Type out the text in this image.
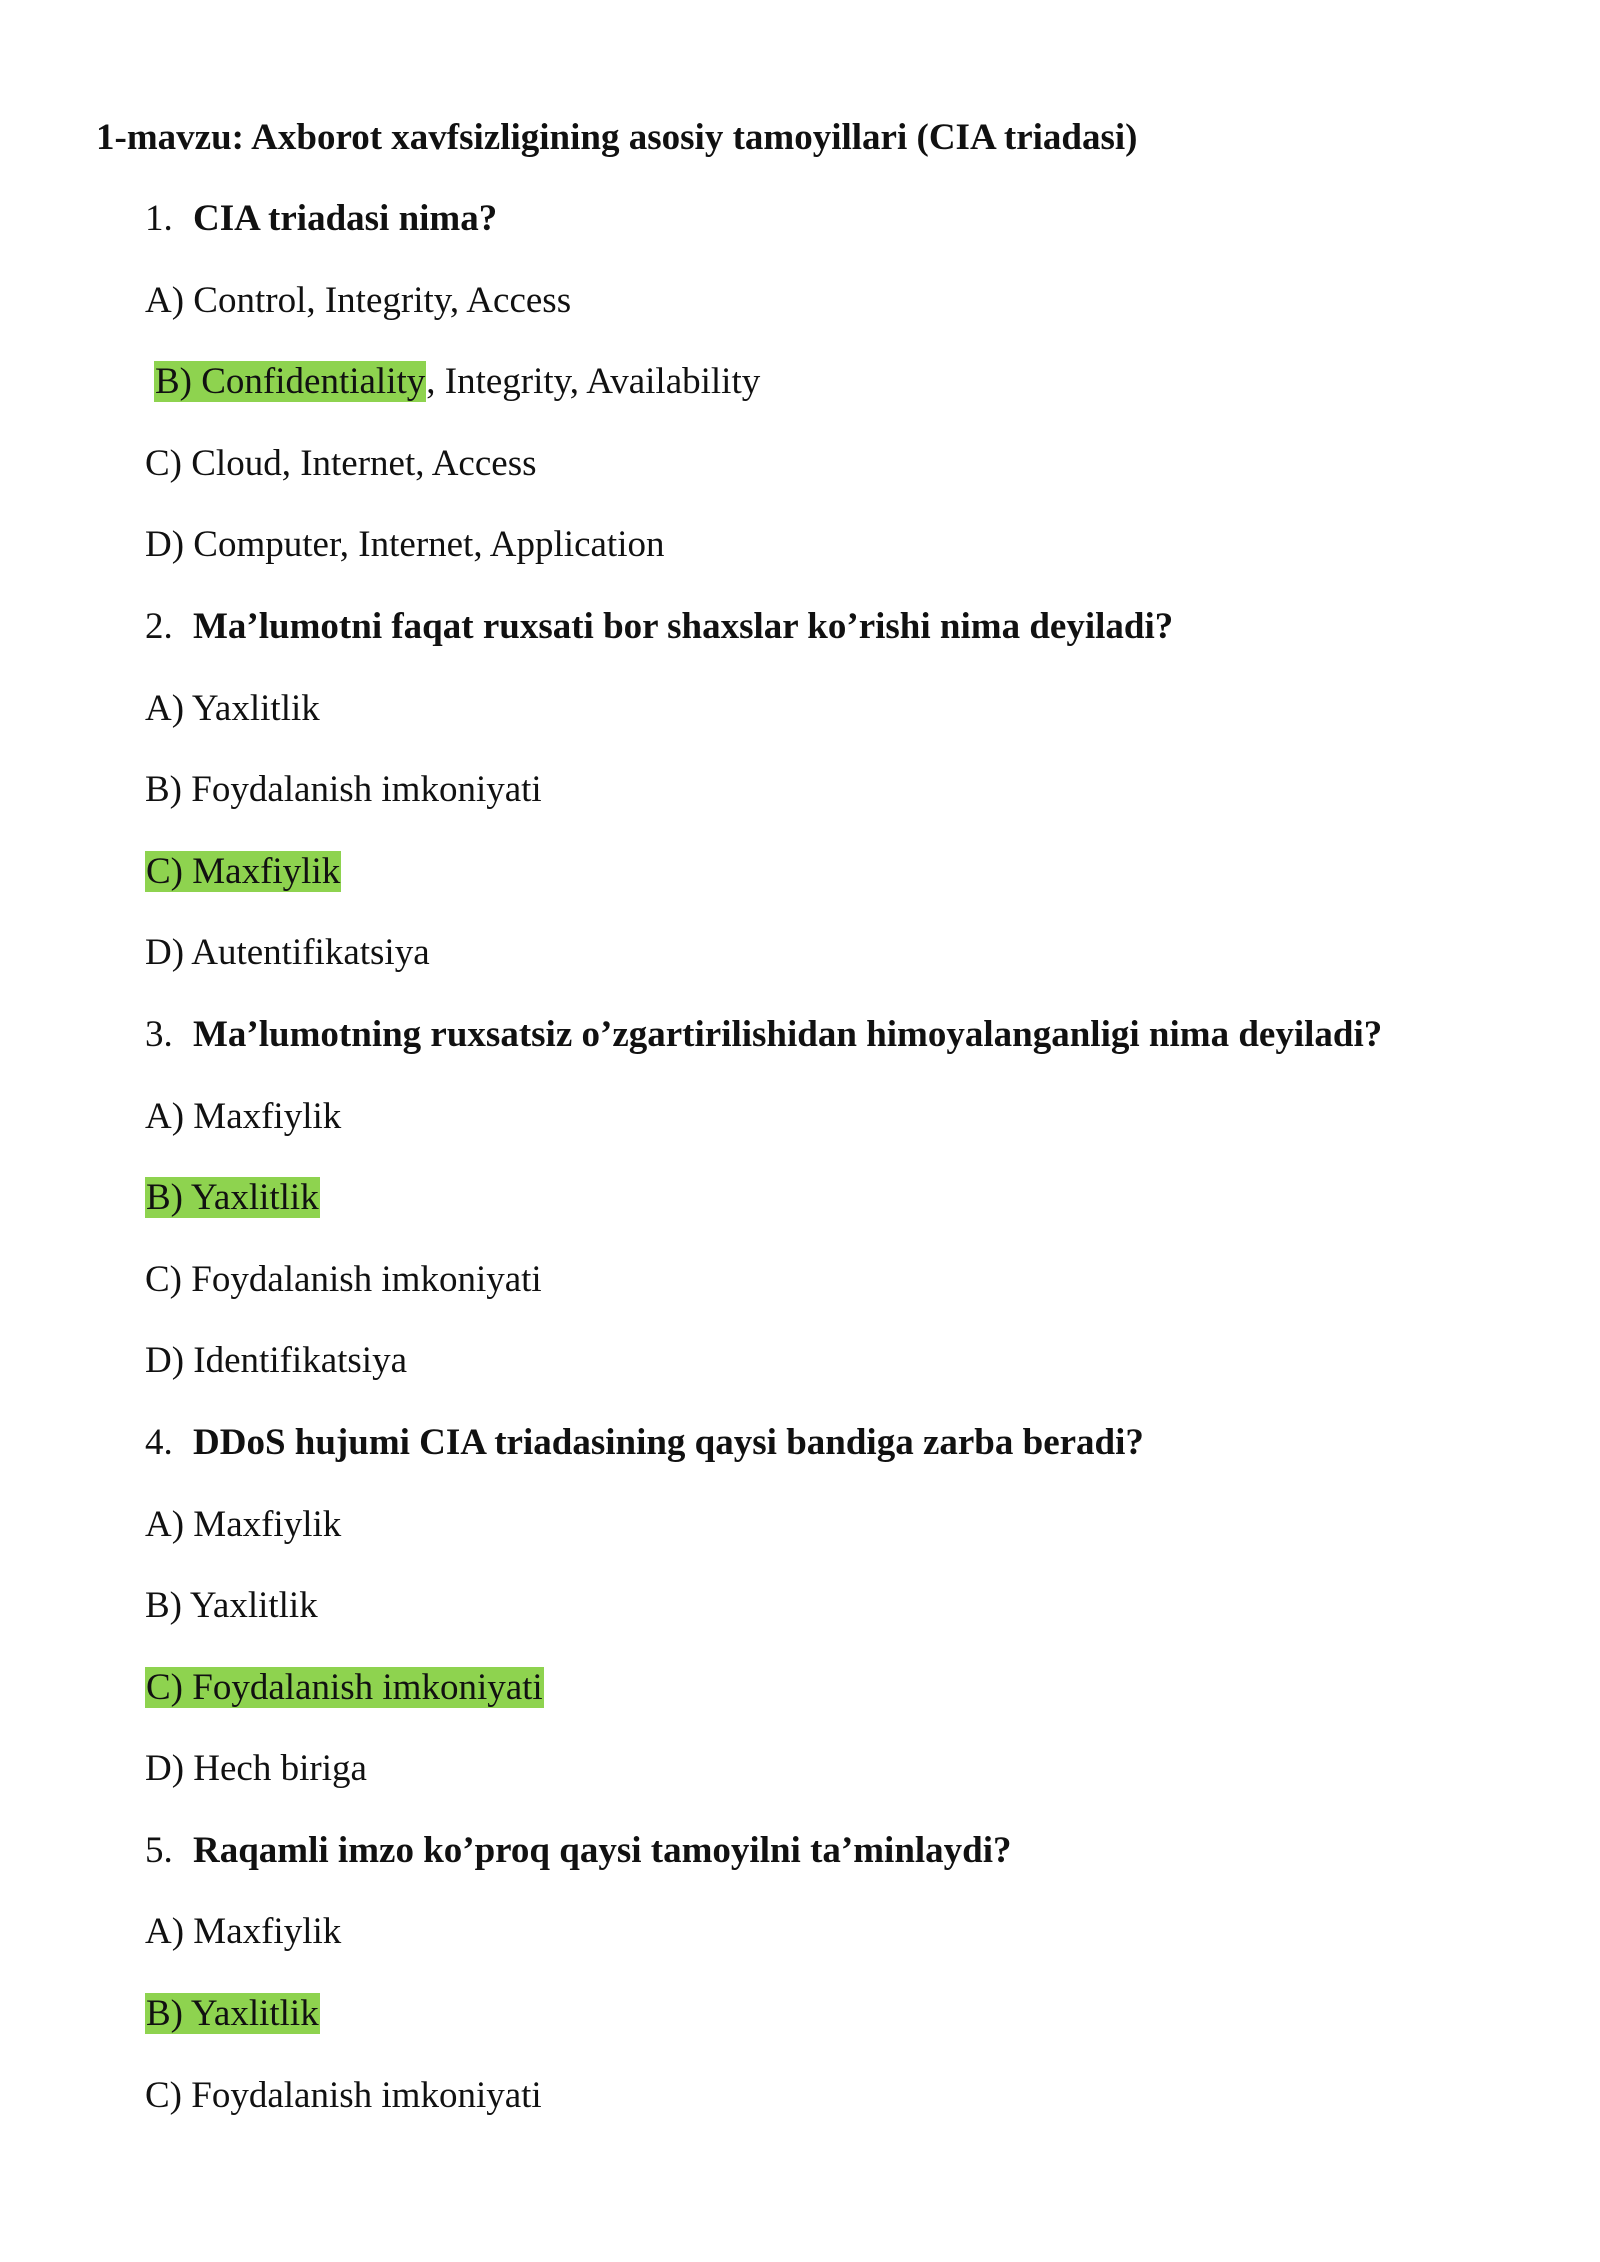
1-mavzu: Axborot xavfsizligining asosiy tamoyillari (CIA triadasi)
1. CIA triadasi nima?
A) Control, Integrity, Access
B) Confidentiality, Integrity, Availability
C) Cloud, Internet, Access
D) Computer, Internet, Application
2. Ma’lumotni faqat ruxsati bor shaxslar ko’rishi nima deyiladi?
A) Yaxlitlik
B) Foydalanish imkoniyati
C) Maxfiylik
D) Autentifikatsiya
3. Ma’lumotning ruxsatsiz o’zgartirilishidan himoyalanganligi nima deyiladi?
A) Maxfiylik
B) Yaxlitlik
C) Foydalanish imkoniyati
D) Identifikatsiya
4. DDoS hujumi CIA triadasining qaysi bandiga zarba beradi?
A) Maxfiylik
B) Yaxlitlik
C) Foydalanish imkoniyati
D) Hech biriga
5. Raqamli imzo ko’proq qaysi tamoyilni ta’minlaydi?
A) Maxfiylik
B) Yaxlitlik
C) Foydalanish imkoniyati
